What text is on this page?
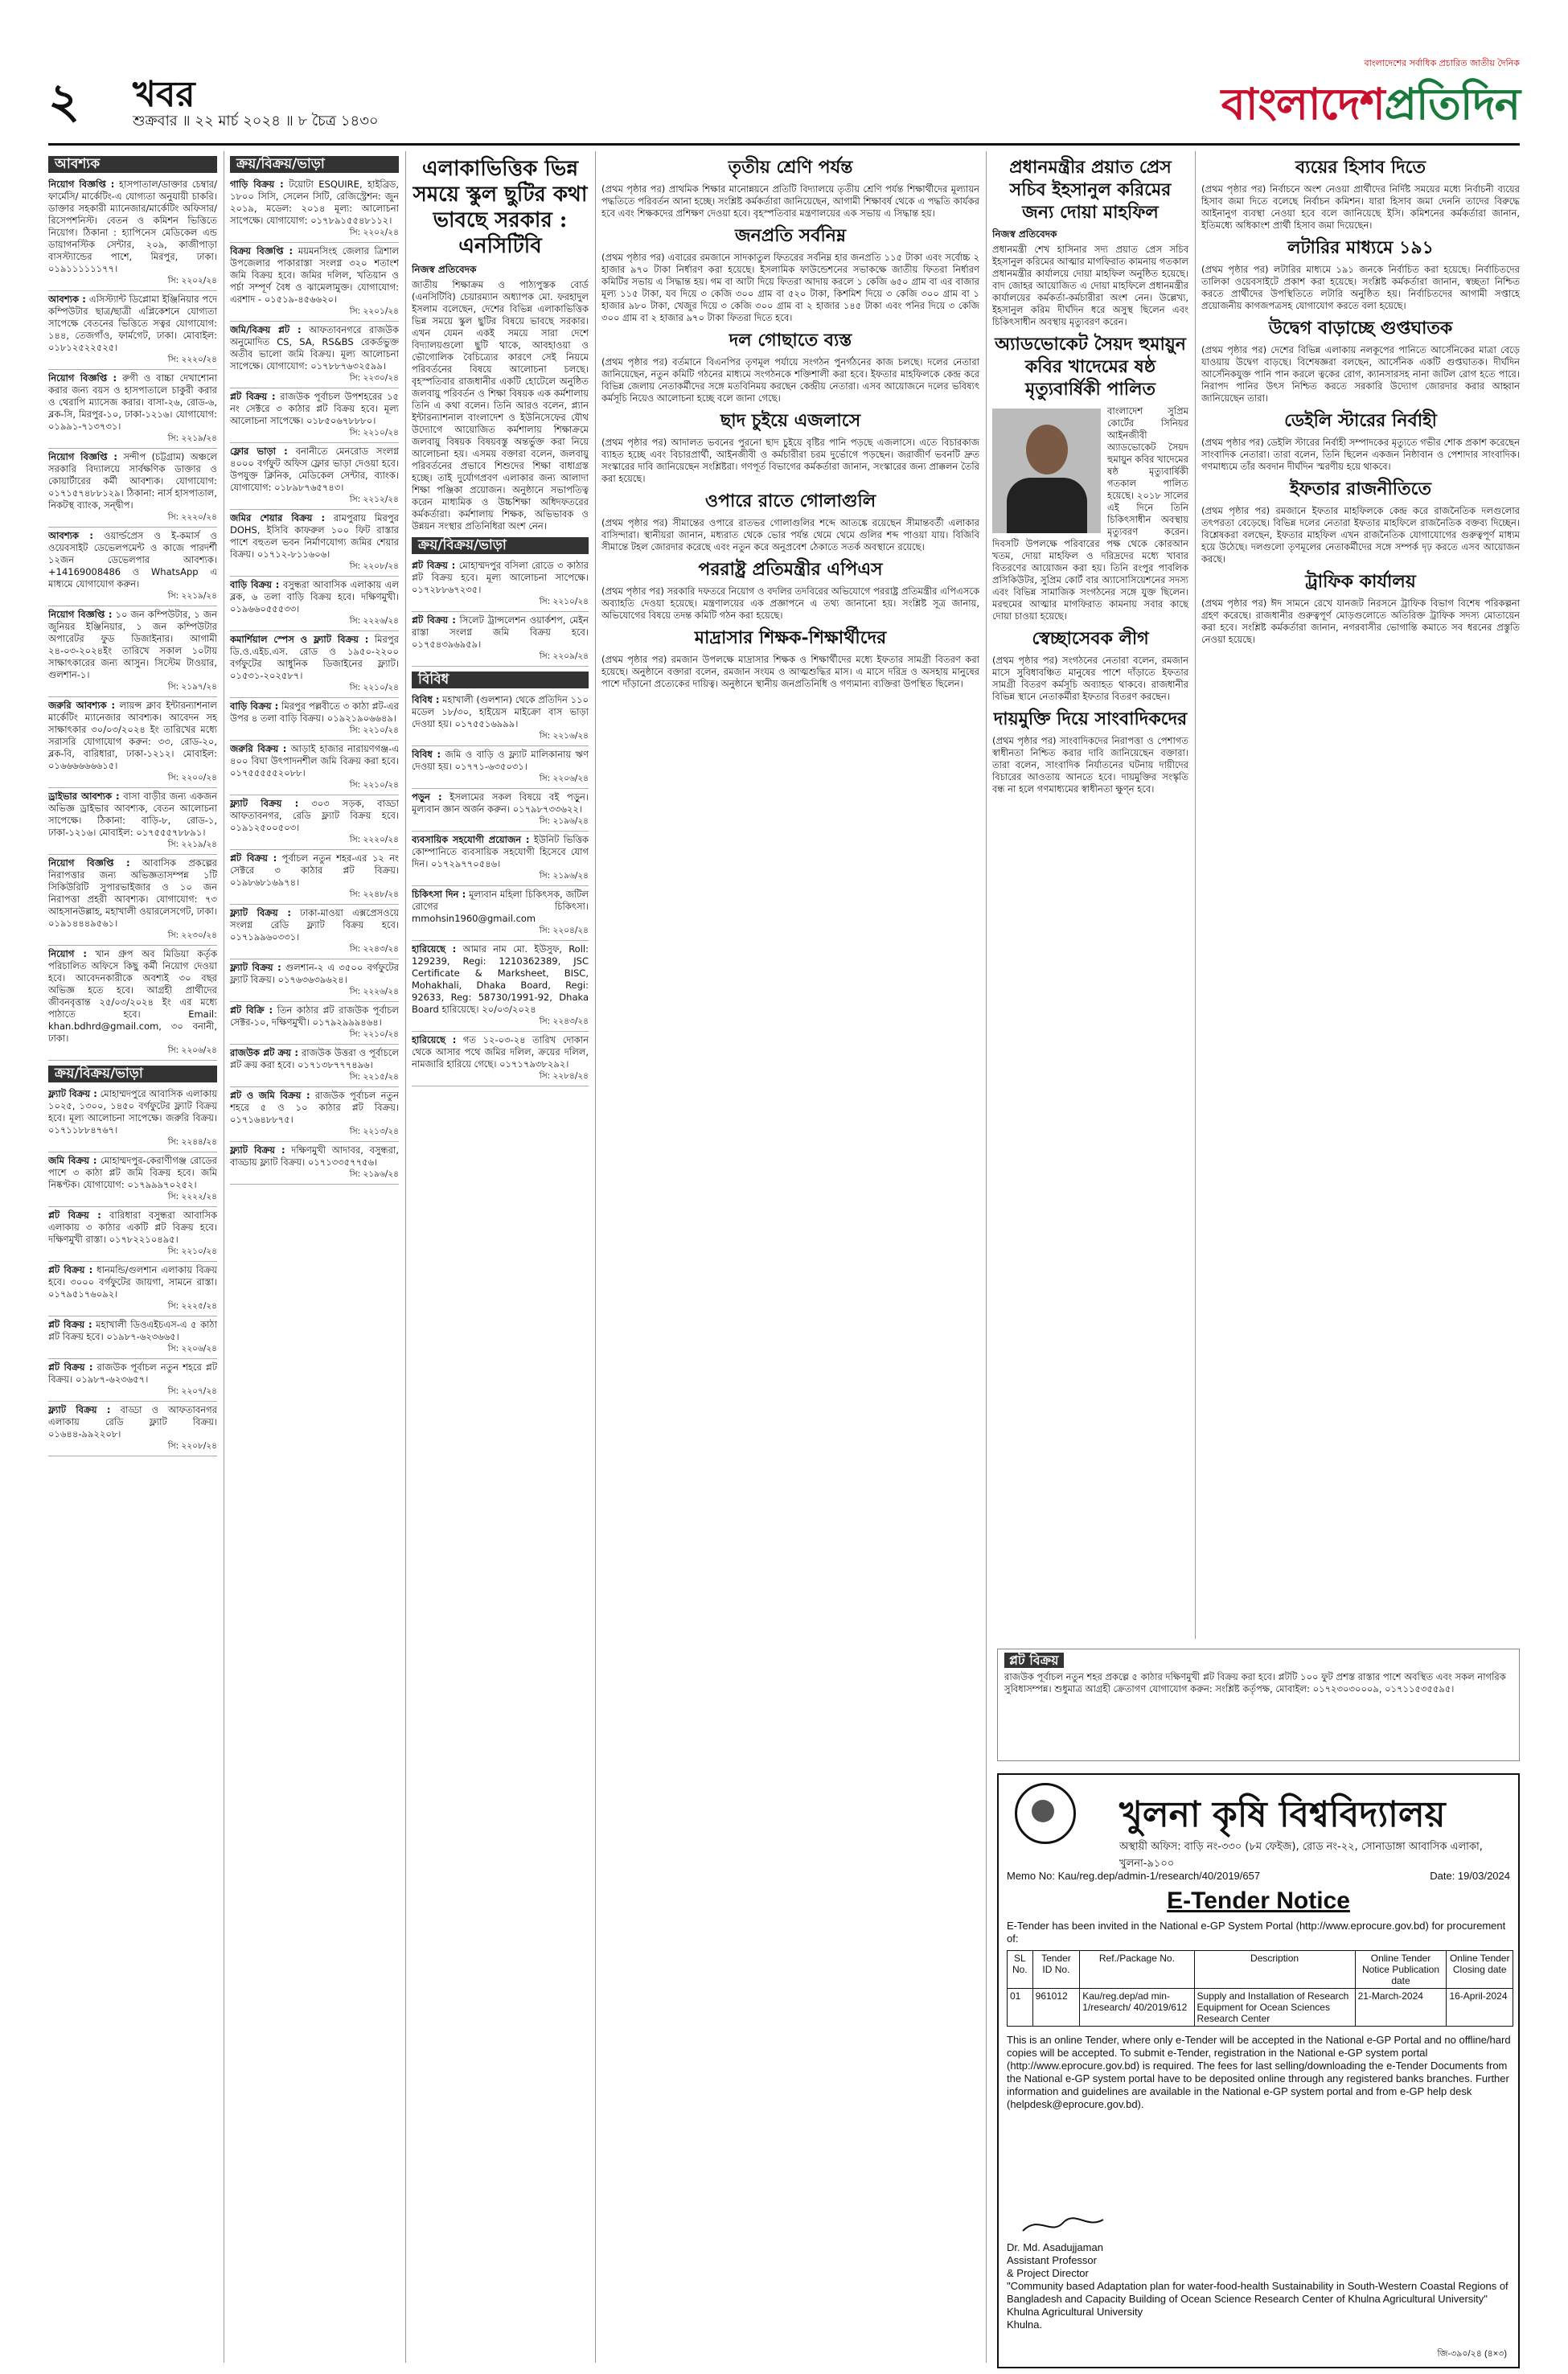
২ খবর
শুক্রবার ॥ ২২ মার্চ ২০২৪ ॥ ৮ চৈত্র ১৪৩০
বাংলাদেশের সর্বাধিক প্রচারিত জাতীয় দৈনিক
বাংলাদেশপ্রতিদিন
আবশ্যক
নিয়োগ বিজ্ঞপ্তি : হাসপাতাল/ডাক্তার চেম্বার/ফার্মেসি/ মার্কেটিং-এ যোগ্যতা অনুযায়ী চাকরি। ডাক্তার সহকারী ম্যানেজার/মার্কেটিং অফিসার/রিসেপশনিস্ট। বেতন ও কমিশন ভিত্তিতে নিয়োগ। ঠিকানা : হ্যাপিনেস মেডিকেল এন্ড ডায়াগনস্টিক সেন্টার, ২০৯, কাজীপাড়া বাসস্ট্যান্ডের পাশে, মিরপুর, ঢাকা। ০১৯১১১১১১৭৭।
সি: ২২০২/২৪
আবশ্যক : এসিস্ট্যান্ট ডিপ্লোমা ইঞ্জিনিয়ার পদে কম্পিউটার ছাত্র/ছাত্রী এপ্লিকেশনে যোগ্যতা সাপেক্ষে বেতনের ভিত্তিতে সত্বর যোগাযোগ: ১৪৪, তেজগাঁও, ফার্মগেট, ঢাকা। মোবাইল: ০১৮১২৫২২৫২৫।
সি: ২২২০/২৪
নিয়োগ বিজ্ঞপ্তি : রুগী ও বাচ্চা দেখাশোনা করার জন্য বয়স ও হাসপাতালে চাকুরী করার ও থেরাপি ম্যাসেজ করার। বাসা-২৬, রোড-৬, ব্লক-সি, মিরপুর-১০, ঢাকা-১২১৬। যোগাযোগ: ০১৯৯১-৭১৩৭৩১।
সি: ২২১৯/২৪
নিয়োগ বিজ্ঞপ্তি : সন্দীপ (চট্টগ্রাম) অঞ্চলে সরকারি বিদ্যালয়ে সার্বক্ষণিক ডাক্তার ও কোয়ার্টারের কর্মী আবশ্যক। যোগাযোগ: ০১৭১৫৭৪৮৮১২৯। ঠিকানা: নার্স হাসপাতাল, নিকটস্থ ব্যাংক, সন্দ্বীপ।
সি: ২২২০/২৪
আবশ্যক : ওয়ার্ল্ডপ্রেস ও ই-কমার্স ও ওয়েবসাইট ডেভেলপমেন্ট ও কাজে পারদর্শী ১২জন ডেভেলপার আবশ্যক। +14169008486 ও WhatsApp এ মাধ্যমে যোগাযোগ করুন।
সি: ২২১৯/২৪
নিয়োগ বিজ্ঞপ্তি : ১০ জন কম্পিউটার, ১ জন জুনিয়র ইঞ্জিনিয়ার, ১ জন কম্পিউটার অপারেটর ফুড ডিজাইনার। আগামী ২৪-০৩-২০২৪ইং তারিখে সকাল ১০টায় সাক্ষাৎকারের জন্য আসুন। সিস্টেম টাওয়ার, গুলশান-১।
সি: ২১৯৭/২৪
জরুরি আবশ্যক : লায়ন্স ক্লাব ইন্টারন্যাশনাল মার্কেটিং ম্যানেজার আবশ্যক। আবেদন সহ সাক্ষাৎকার ৩০/০৩/২০২৪ ইং তারিখের মধ্যে সরাসরি যোগাযোগ করুন: ৩৩, রোড-২০, ব্লক-বি, বারিধারা, ঢাকা-১২১২। মোবাইল: ০১৬৬৬৬৬৬৬১৫।
সি: ২২০০/২৪
ড্রাইভার আবশ্যক : বাসা বাড়ীর জন্য একজন অভিজ্ঞ ড্রাইভার আবশ্যক, বেতন আলোচনা সাপেক্ষে। ঠিকানা: বাড়ি-৮, রোড-১, ঢাকা-১২১৬। মোবাইল: ০১৭৫৫৫৭৮৮৯১।
সি: ২২১৯/২৪
নিয়োগ বিজ্ঞপ্তি : আবাসিক প্রকল্পের নিরাপত্তার জন্য অভিজ্ঞতাসম্পন্ন ১টি সিকিউরিটি সুপারভাইজার ও ১০ জন নিরাপত্তা প্রহরী আবশ্যক। যোগাযোগ: ৭৩ আহসানউল্লাহ, মহাখালী ওয়ারলেসগেট, ঢাকা। ০১৯১৪৪৪৯৫৬১।
সি: ২২৩০/২৪
নিয়োগ : খান গ্রুপ অব মিডিয়া কর্তৃক পরিচালিত অফিসে কিছু কর্মী নিয়োগ দেওয়া হবে। আবেদনকারীকে অবশ্যই ৩০ বছর অভিজ্ঞ হতে হবে। আগ্রহী প্রার্থীদের জীবনবৃত্তান্ত ২৫/০৩/২০২৪ ইং এর মধ্যে পাঠাতে হবে। Email: khan.bdhrd@gmail.com, ৩০ বনানী, ঢাকা।
সি: ২২০৬/২৪
ক্রয়/বিক্রয়/ভাড়া
ফ্ল্যাট বিক্রয় : মোহাম্মদপুরে আবাসিক এলাকায় ১০২৫, ১৩০০, ১৪৫০ বর্গফুটের ফ্ল্যাট বিক্রয় হবে। মূল্য আলোচনা সাপেক্ষে। জরুরি বিক্রয়। ০১৭১১৮৮৪৭৬৭।
সি: ২২৪৪/২৪
জমি বিক্রয় : মোহাম্মদপুর-কেরাণীগঞ্জ রোডের পাশে ৩ কাঠা প্লট জমি বিক্রয় হবে। জমি নিষ্কণ্টক। যোগাযোগ: ০১৭৯৯৯৭০২৫২।
সি: ২২২২/২৪
প্লট বিক্রয় : বারিধারা বসুন্ধরা আবাসিক এলাকায় ৩ কাঠার একটি প্লট বিক্রয় হবে। দক্ষিণমুখী রাস্তা। ০১৭৮২২১০৪৯৫।
সি: ২২১০/২৪
প্লট বিক্রয় : ধানমন্ডি/গুলশান এলাকায় বিক্রয় হবে। ৩০০০ বর্গফুটের জায়গা, সামনে রাস্তা। ০১৭৯৫১৭৬০৯২।
সি: ২২২৫/২৪
প্লট বিক্রয় : মহাখালী ডিওএইচএস-এ ৫ কাঠা প্লট বিক্রয় হবে। ০১৯৮৭-৬২৩৬৬৫।
সি: ২২০৬/২৪
প্লট বিক্রয় : রাজউক পূর্বাচল নতুন শহরে প্লট বিক্রয়। ০১৯৮৭-৬২৩৬৫৭।
সি: ২২০৭/২৪
ফ্ল্যাট বিক্রয় : বাড্ডা ও আফতাবনগর এলাকায় রেডি ফ্ল্যাট বিক্রয়। ০১৬৪৪-৯৯২২০৮।
সি: ২২০৮/২৪
ক্রয়/বিক্রয়/ভাড়া
গাড়ি বিক্রয় : টয়োটা ESQUIRE, হাইব্রিড, ১৮০০ সিসি, সেলেন সিটি, রেজিস্ট্রেশন: জুন ২০১৯, মডেল: ২০১৪ মূল্য: আলোচনা সাপেক্ষে। যোগাযোগ: ০১৭৮৯১৫৫৪৮১১২।
সি: ২২০২/২৪
বিক্রয় বিজ্ঞপ্তি : ময়মনসিংহ জেলার ত্রিশাল উপজেলার পাকারাস্তা সংলগ্ন ৩২০ শতাংশ জমি বিক্রয় হবে। জমির দলিল, খতিয়ান ও পর্চা সম্পূর্ণ বৈধ ও ঝামেলামুক্ত। যোগাযোগ: এরশাদ - ০১৫১৯-৪৫৬৬২০।
সি: ২২০১/২৪
জমি/বিক্রয় প্লট : আফতাবনগরে রাজউক অনুমোদিত CS, SA, RS&BS রেকর্ডভুক্ত অতীব ভালো জমি বিক্রয়। মূল্য আলোচনা সাপেক্ষে। যোগাযোগ: ০১৭৮৮৭৬৩২৫৯৯।
সি: ২২৩০/২৪
প্লট বিক্রয় : রাজউক পূর্বাচল উপশহরের ১৫ নং সেক্টরে ৩ কাঠার প্লট বিক্রয় হবে। মূল্য আলোচনা সাপেক্ষে। ০১৮৫০৬৭৮৮৮০।
সি: ২২১০/২৪
ফ্লোর ভাড়া : বনানীতে মেনরোড সংলগ্ন ৪০০০ বর্গফুট অফিস ফ্লোর ভাড়া দেওয়া হবে। উপযুক্ত ক্লিনিক, মেডিকেল সেন্টার, ব্যাংক। যোগাযোগ: ০১৮৯৮৭৬৫৭৪৩।
সি: ২২১২/২৪
জমির শেয়ার বিক্রয় : রামপুরায় মিরপুর DOHS, ইসিবি কাফরুল ১০০ ফিট রাস্তার পাশে বহুতল ভবন নির্মাণযোগ্য জমির শেয়ার বিক্রয়। ০১৭১২-৮১১৬০৬।
সি: ২২০৮/২৪
বাড়ি বিক্রয় : বসুন্ধরা আবাসিক এলাকায় এল ব্লক, ৬ তলা বাড়ি বিক্রয় হবে। দক্ষিণমুখী। ০১৯৬৬০৫৫৫৩৩।
সি: ২২২৬/২৪
কমার্শিয়াল স্পেস ও ফ্ল্যাট বিক্রয় : মিরপুর ডি.ও.এইচ.এস. রোড ও ১৯৫০-২২০০ বর্গফুটের আধুনিক ডিজাইনের ফ্ল্যাট। ০১৫৩১-২০২৫৮৭।
সি: ২২১০/২৪
বাড়ি বিক্রয় : মিরপুর পল্লবীতে ৩ কাঠা প্লট-এর উপর ৪ তলা বাড়ি বিক্রয়। ০১৯২১৯০৬৬৪৯।
সি: ২২১০/২৪
জরুরি বিক্রয় : আড়াই হাজার নারায়ণগঞ্জ-এ ৪০০ বিঘা উৎপাদনশীল জমি বিক্রয় করা হবে। ০১৭৫৫৫৫৫২০৮৮।
সি: ২২১০/২৪
ফ্ল্যাট বিক্রয় : ৩০৩ সড়ক, বাড্ডা আফতাবনগর, রেডি ফ্ল্যাট বিক্রয় হবে। ০১৯১২৫০০৫০৩।
সি: ২২২০/২৪
প্লট বিক্রয় : পূর্বাচল নতুন শহর-এর ১২ নং সেক্টরে ৩ কাঠার প্লট বিক্রয়। ০১৯৮৬৮১৬৯৭৪।
সি: ২২৪৮/২৪
ফ্ল্যাট বিক্রয় : ঢাকা-মাওয়া এক্সপ্রেসওয়ে সংলগ্ন রেডি ফ্ল্যাট বিক্রয় হবে। ০১৭১৯৯৬০৩৩১।
সি: ২২৪৩/২৪
ফ্ল্যাট বিক্রয় : গুলশান-২ এ ৩৫০০ বর্গফুটের ফ্ল্যাট বিক্রয়। ০১৭৬৩৬৩৯৬২৪।
সি: ২২২৬/২৪
প্লট বিক্রি : তিন কাঠার প্লট রাজউক পূর্বাচল সেক্টর-১০, দক্ষিণমুখী। ০১৭৯২৯৯৯৪৬৪।
সি: ২২১০/২৪
রাজউক প্লট ক্রয় : রাজউক উত্তরা ও পূর্বাচলে প্লট ক্রয় করা হবে। ০১৭১৩৮৭৭৭৪৯৬।
সি: ২২১৫/২৪
প্লট ও জমি বিক্রয় : রাজউক পূর্বাচল নতুন শহরে ৫ ও ১০ কাঠার প্লট বিক্রয়। ০১৭১৬৪৮৮৭৫।
সি: ২২১৩/২৪
ফ্ল্যাট বিক্রয় : দক্ষিণমুখী আদাবর, বসুন্ধরা, বাড্ডায় ফ্ল্যাট বিক্রয়। ০১৭১৩৩৫৭৭৫৬।
সি: ২১৯৬/২৪
এলাকাভিত্তিক ভিন্ন সময়ে স্কুল ছুটির কথা ভাবছে সরকার : এনসিটিবি
নিজস্ব প্রতিবেদক

জাতীয় শিক্ষাক্রম ও পাঠ্যপুস্তক বোর্ড (এনসিটিবি) চেয়ারম্যান অধ্যাপক মো. ফরহাদুল ইসলাম বলেছেন, দেশের বিভিন্ন এলাকাভিত্তিক ভিন্ন সময়ে স্কুল ছুটির বিষয়ে ভাবছে সরকার। এখন যেমন একই সময়ে সারা দেশে বিদ্যালয়গুলো ছুটি থাকে, আবহাওয়া ও ভৌগোলিক বৈচিত্র্যের কারণে সেই নিয়মে পরিবর্তনের বিষয়ে আলোচনা চলছে। বৃহস্পতিবার রাজধানীর একটি হোটেলে অনুষ্ঠিত জলবায়ু পরিবর্তন ও শিক্ষা বিষয়ক এক কর্মশালায় তিনি এ কথা বলেন। তিনি আরও বলেন, প্ল্যান ইন্টারন্যাশনাল বাংলাদেশ ও ইউনিসেফের যৌথ উদ্যোগে আয়োজিত কর্মশালায় শিক্ষাক্রমে জলবায়ু বিষয়ক বিষয়বস্তু অন্তর্ভুক্ত করা নিয়ে আলোচনা হয়। এসময় বক্তারা বলেন, জলবায়ু পরিবর্তনের প্রভাবে শিশুদের শিক্ষা বাধাগ্রস্ত হচ্ছে। তাই দুর্যোগপ্রবণ এলাকার জন্য আলাদা শিক্ষা পঞ্জিকা প্রয়োজন। অনুষ্ঠানে সভাপতিত্ব করেন মাধ্যমিক ও উচ্চশিক্ষা অধিদফতরের কর্মকর্তারা। কর্মশালায় শিক্ষক, অভিভাবক ও উন্নয়ন সংস্থার প্রতিনিধিরা অংশ নেন।

ক্রয়/বিক্রয়/ভাড়া
প্লট বিক্রয় : মোহাম্মদপুর বসিলা রোডে ৩ কাঠার প্লট বিক্রয় হবে। মূল্য আলোচনা সাপেক্ষে। ০১৭২৮৮৬৭২৩৫।
সি: ২২১০/২৪
প্লট বিক্রয় : সিলেট ট্রান্সলেশন ওয়ার্কশপ, মেইন রাস্তা সংলগ্ন জমি বিক্রয় হবে। ০১৭৫৪৩৯৬৯৫৯।
সি: ২২০৯/২৪
বিবিধ
বিবিধ : মহাখালী (গুলশান) থেকে প্রতিদিন ১১০ মডেল ১৮/৩০, হাইয়েস মাইক্রো বাস ভাড়া দেওয়া হয়। ০১৭৫৫১৬৯৯৯।
সি: ২২১৬/২৪
বিবিধ : জমি ও বাড়ি ও ফ্ল্যাট মালিকানায় ঋণ দেওয়া হয়। ০১৭৭১-৬৩৫০৩১।
সি: ২২০৬/২৪
পড়ুন : ইসলামের সকল বিষয়ে বই পড়ুন। মূল্যবান জ্ঞান অর্জন করুন। ০১৭৯৮৭৩৩৬২২।
সি: ২১৯৬/২৪
ব্যবসায়িক সহযোগী প্রয়োজন : ইউনিট ভিত্তিক কোম্পানিতে ব্যবসায়িক সহযোগী হিসেবে যোগ দিন। ০১৭২৯৭৭০৫৪৬।
সি: ২১৯৬/২৪
চিকিৎসা দিন : মূল্যবান মহিলা চিকিৎসক, জটিল রোগের চিকিৎসা। mmohsin1960@gmail.com
সি: ২২০৪/২৪
হারিয়েছে : আমার নাম মো. ইউসুফ, Roll: 129239, Regi: 1210362389, JSC Certificate & Marksheet, BISC, Mohakhali, Dhaka Board, Regi: 92633, Reg: 58730/1991-92, Dhaka Board হারিয়েছে। ২০/০৩/২০২৪
সি: ২২৪৩/২৪
হারিয়েছে : গত ১২-০৩-২৪ তারিখ দোকান থেকে আসার পথে জমির দলিল, ক্রয়ের দলিল, নামজারি হারিয়ে গেছে। ০১৭১৭৯৩৮২৯২।
সি: ২২৮৪/২৪
তৃতীয় শ্রেণি পর্যন্ত

(প্রথম পৃষ্ঠার পর) প্রাথমিক শিক্ষার মানোন্নয়নে প্রতিটি বিদ্যালয়ে তৃতীয় শ্রেণি পর্যন্ত শিক্ষার্থীদের মূল্যায়ন পদ্ধতিতে পরিবর্তন আনা হচ্ছে। সংশ্লিষ্ট কর্মকর্তারা জানিয়েছেন, আগামী শিক্ষাবর্ষ থেকে এ পদ্ধতি কার্যকর হবে এবং শিক্ষকদের প্রশিক্ষণ দেওয়া হবে। বৃহস্পতিবার মন্ত্রণালয়ের এক সভায় এ সিদ্ধান্ত হয়।

জনপ্রতি সর্বনিম্ন

(প্রথম পৃষ্ঠার পর) এবারের রমজানে সাদকাতুল ফিতরের সর্বনিম্ন হার জনপ্রতি ১১৫ টাকা এবং সর্বোচ্চ ২ হাজার ৯৭০ টাকা নির্ধারণ করা হয়েছে। ইসলামিক ফাউন্ডেশনের সভাকক্ষে জাতীয় ফিতরা নির্ধারণ কমিটির সভায় এ সিদ্ধান্ত হয়। গম বা আটা দিয়ে ফিতরা আদায় করলে ১ কেজি ৬৫০ গ্রাম বা এর বাজার মূল্য ১১৫ টাকা, যব দিয়ে ৩ কেজি ৩০০ গ্রাম বা ৫২০ টাকা, কিশমিশ দিয়ে ৩ কেজি ৩০০ গ্রাম বা ১ হাজার ৯৮০ টাকা, খেজুর দিয়ে ৩ কেজি ৩০০ গ্রাম বা ২ হাজার ১৪৫ টাকা এবং পনির দিয়ে ৩ কেজি ৩০০ গ্রাম বা ২ হাজার ৯৭০ টাকা ফিতরা দিতে হবে।

দল গোছাতে ব্যস্ত

(প্রথম পৃষ্ঠার পর) বর্তমানে বিএনপির তৃণমূল পর্যায়ে সংগঠন পুনর্গঠনের কাজ চলছে। দলের নেতারা জানিয়েছেন, নতুন কমিটি গঠনের মাধ্যমে সংগঠনকে শক্তিশালী করা হবে। ইফতার মাহফিলকে কেন্দ্র করে বিভিন্ন জেলায় নেতাকর্মীদের সঙ্গে মতবিনিময় করছেন কেন্দ্রীয় নেতারা। এসব আয়োজনে দলের ভবিষ্যৎ কর্মসূচি নিয়েও আলোচনা হচ্ছে বলে জানা গেছে।

ছাদ চুইয়ে এজলাসে

(প্রথম পৃষ্ঠার পর) আদালত ভবনের পুরনো ছাদ চুইয়ে বৃষ্টির পানি পড়ছে এজলাসে। এতে বিচারকাজ ব্যাহত হচ্ছে এবং বিচারপ্রার্থী, আইনজীবী ও কর্মচারীরা চরম দুর্ভোগে পড়ছেন। জরাজীর্ণ ভবনটি দ্রুত সংস্কারের দাবি জানিয়েছেন সংশ্লিষ্টরা। গণপূর্ত বিভাগের কর্মকর্তারা জানান, সংস্কারের জন্য প্রাক্কলন তৈরি করা হয়েছে।

ওপারে রাতে গোলাগুলি

(প্রথম পৃষ্ঠার পর) সীমান্তের ওপারে রাতভর গোলাগুলির শব্দে আতঙ্কে রয়েছেন সীমান্তবর্তী এলাকার বাসিন্দারা। স্থানীয়রা জানান, মধ্যরাত থেকে ভোর পর্যন্ত থেমে থেমে গুলির শব্দ পাওয়া যায়। বিজিবি সীমান্তে টহল জোরদার করেছে এবং নতুন করে অনুপ্রবেশ ঠেকাতে সতর্ক অবস্থানে রয়েছে।

পররাষ্ট্র প্রতিমন্ত্রীর এপিএস

(প্রথম পৃষ্ঠার পর) সরকারি দফতরে নিয়োগ ও বদলির তদবিরের অভিযোগে পররাষ্ট্র প্রতিমন্ত্রীর এপিএসকে অব্যাহতি দেওয়া হয়েছে। মন্ত্রণালয়ের এক প্রজ্ঞাপনে এ তথ্য জানানো হয়। সংশ্লিষ্ট সূত্র জানায়, অভিযোগের বিষয়ে তদন্ত কমিটি গঠন করা হয়েছে।

মাদ্রাসার শিক্ষক-শিক্ষার্থীদের

(প্রথম পৃষ্ঠার পর) রমজান উপলক্ষে মাদ্রাসার শিক্ষক ও শিক্ষার্থীদের মধ্যে ইফতার সামগ্রী বিতরণ করা হয়েছে। অনুষ্ঠানে বক্তারা বলেন, রমজান সংযম ও আত্মশুদ্ধির মাস। এ মাসে দরিদ্র ও অসহায় মানুষের পাশে দাঁড়ানো প্রত্যেকের দায়িত্ব। অনুষ্ঠানে স্থানীয় জনপ্রতিনিধি ও গণ্যমান্য ব্যক্তিরা উপস্থিত ছিলেন।

প্রধানমন্ত্রীর প্রয়াত প্রেস সচিব ইহসানুল করিমের জন্য দোয়া মাহফিল
নিজস্ব প্রতিবেদক

প্রধানমন্ত্রী শেখ হাসিনার সদ্য প্রয়াত প্রেস সচিব ইহসানুল করিমের আত্মার মাগফিরাত কামনায় গতকাল প্রধানমন্ত্রীর কার্যালয়ে দোয়া মাহফিল অনুষ্ঠিত হয়েছে। বাদ জোহর আয়োজিত এ দোয়া মাহফিলে প্রধানমন্ত্রীর কার্যালয়ের কর্মকর্তা-কর্মচারীরা অংশ নেন। উল্লেখ্য, ইহসানুল করিম দীর্ঘদিন ধরে অসুস্থ ছিলেন এবং চিকিৎসাধীন অবস্থায় মৃত্যুবরণ করেন।

অ্যাডভোকেট সৈয়দ হুমায়ুন কবির খাদেমের ষষ্ঠ মৃত্যুবার্ষিকী পালিত

বাংলাদেশ সুপ্রিম কোর্টের সিনিয়র আইনজীবী অ্যাডভোকেট সৈয়দ হুমায়ুন কবির খাদেমের ষষ্ঠ মৃত্যুবার্ষিকী গতকাল পালিত হয়েছে। ২০১৮ সালের এই দিনে তিনি চিকিৎসাধীন অবস্থায় মৃত্যুবরণ করেন। দিবসটি উপলক্ষে পরিবারের পক্ষ থেকে কোরআন খতম, দোয়া মাহফিল ও দরিদ্রদের মধ্যে খাবার বিতরণের আয়োজন করা হয়। তিনি রংপুর পাবলিক প্রসিকিউটর, সুপ্রিম কোর্ট বার অ্যাসোসিয়েশনের সদস্য এবং বিভিন্ন সামাজিক সংগঠনের সঙ্গে যুক্ত ছিলেন। মরহুমের আত্মার মাগফিরাত কামনায় সবার কাছে দোয়া চাওয়া হয়েছে।

স্বেচ্ছাসেবক লীগ

(প্রথম পৃষ্ঠার পর) সংগঠনের নেতারা বলেন, রমজান মাসে সুবিধাবঞ্চিত মানুষের পাশে দাঁড়াতে ইফতার সামগ্রী বিতরণ কর্মসূচি অব্যাহত থাকবে। রাজধানীর বিভিন্ন স্থানে নেতাকর্মীরা ইফতার বিতরণ করছেন।

দায়মুক্তি দিয়ে সাংবাদিকদের

(প্রথম পৃষ্ঠার পর) সাংবাদিকদের নিরাপত্তা ও পেশাগত স্বাধীনতা নিশ্চিত করার দাবি জানিয়েছেন বক্তারা। তারা বলেন, সাংবাদিক নির্যাতনের ঘটনায় দায়ীদের বিচারের আওতায় আনতে হবে। দায়মুক্তির সংস্কৃতি বন্ধ না হলে গণমাধ্যমের স্বাধীনতা ক্ষুণ্ন হবে।

ব্যয়ের হিসাব দিতে

(প্রথম পৃষ্ঠার পর) নির্বাচনে অংশ নেওয়া প্রার্থীদের নির্দিষ্ট সময়ের মধ্যে নির্বাচনী ব্যয়ের হিসাব জমা দিতে বলেছে নির্বাচন কমিশন। যারা হিসাব জমা দেননি তাদের বিরুদ্ধে আইনানুগ ব্যবস্থা নেওয়া হবে বলে জানিয়েছে ইসি। কমিশনের কর্মকর্তারা জানান, ইতিমধ্যে অধিকাংশ প্রার্থী হিসাব জমা দিয়েছেন।

লটারির মাধ্যমে ১৯১

(প্রথম পৃষ্ঠার পর) লটারির মাধ্যমে ১৯১ জনকে নির্বাচিত করা হয়েছে। নির্বাচিতদের তালিকা ওয়েবসাইটে প্রকাশ করা হয়েছে। সংশ্লিষ্ট কর্মকর্তারা জানান, স্বচ্ছতা নিশ্চিত করতে প্রার্থীদের উপস্থিতিতে লটারি অনুষ্ঠিত হয়। নির্বাচিতদের আগামী সপ্তাহে প্রয়োজনীয় কাগজপত্রসহ যোগাযোগ করতে বলা হয়েছে।

উদ্বেগ বাড়াচ্ছে গুপ্তঘাতক

(প্রথম পৃষ্ঠার পর) দেশের বিভিন্ন এলাকায় নলকূপের পানিতে আর্সেনিকের মাত্রা বেড়ে যাওয়ায় উদ্বেগ বাড়ছে। বিশেষজ্ঞরা বলছেন, আর্সেনিক একটি গুপ্তঘাতক। দীর্ঘদিন আর্সেনিকযুক্ত পানি পান করলে ত্বকের রোগ, ক্যানসারসহ নানা জটিল রোগ হতে পারে। নিরাপদ পানির উৎস নিশ্চিত করতে সরকারি উদ্যোগ জোরদার করার আহ্বান জানিয়েছেন তারা।

ডেইলি স্টারের নির্বাহী

(প্রথম পৃষ্ঠার পর) ডেইলি স্টারের নির্বাহী সম্পাদকের মৃত্যুতে গভীর শোক প্রকাশ করেছেন সাংবাদিক নেতারা। তারা বলেন, তিনি ছিলেন একজন নিষ্ঠাবান ও পেশাদার সাংবাদিক। গণমাধ্যমে তাঁর অবদান দীর্ঘদিন স্মরণীয় হয়ে থাকবে।

ইফতার রাজনীতিতে

(প্রথম পৃষ্ঠার পর) রমজানে ইফতার মাহফিলকে কেন্দ্র করে রাজনৈতিক দলগুলোর তৎপরতা বেড়েছে। বিভিন্ন দলের নেতারা ইফতার মাহফিলে রাজনৈতিক বক্তব্য দিচ্ছেন। বিশ্লেষকরা বলছেন, ইফতার মাহফিল এখন রাজনৈতিক যোগাযোগের গুরুত্বপূর্ণ মাধ্যম হয়ে উঠেছে। দলগুলো তৃণমূলের নেতাকর্মীদের সঙ্গে সম্পর্ক দৃঢ় করতে এসব আয়োজন করছে।

ট্রাফিক কার্যালয়

(প্রথম পৃষ্ঠার পর) ঈদ সামনে রেখে যানজট নিরসনে ট্রাফিক বিভাগ বিশেষ পরিকল্পনা গ্রহণ করেছে। রাজধানীর গুরুত্বপূর্ণ মোড়গুলোতে অতিরিক্ত ট্রাফিক সদস্য মোতায়েন করা হবে। সংশ্লিষ্ট কর্মকর্তারা জানান, নগরবাসীর ভোগান্তি কমাতে সব ধরনের প্রস্তুতি নেওয়া হয়েছে।

প্লট বিক্রয়
রাজউক পূর্বাচল নতুন শহর প্রকল্পে ৫ কাঠার দক্ষিণমুখী প্লট বিক্রয় করা হবে। প্লটটি ১০০ ফুট প্রশস্ত রাস্তার পাশে অবস্থিত এবং সকল নাগরিক সুবিধাসম্পন্ন। শুধুমাত্র আগ্রহী ক্রেতাগণ যোগাযোগ করুন: সংশ্লিষ্ট কর্তৃপক্ষ, মোবাইল: ০১৭২৩০৩০০০৯, ০১৭১১৫৩৫৫৯৫।
খুলনা কৃষি বিশ্ববিদ্যালয়
অস্থায়ী অফিস: বাড়ি নং-৩৩০ (৮ম ফেইজ), রোড নং-২২, সোনাডাঙ্গা আবাসিক এলাকা, খুলনা-৯১০০
Memo No: Kau/reg.dep/admin-1/research/40/2019/657	Date: 19/03/2024
E-Tender Notice
E-Tender has been invited in the National e-GP System Portal (http://www.eprocure.gov.bd) for procurement of:
SL No.	Tender ID No.	Ref./Package No.	Description	Online Tender Notice Publication date	Online Tender Closing date
01	961012	Kau/reg.dep/ad min-1/research/ 40/2019/612	Supply and Installation of Research Equipment for Ocean Sciences Research Center	21-March-2024	16-April-2024
This is an online Tender, where only e-Tender will be accepted in the National e-GP Portal and no offline/hard copies will be accepted. To submit e-Tender, registration in the National e-GP system portal (http://www.eprocure.gov.bd) is required. The fees for last selling/downloading the e-Tender Documents from the National e-GP system portal have to be deposited online through any registered banks branches. Further information and guidelines are available in the National e-GP system portal and from e-GP help desk (helpdesk@eprocure.gov.bd).
Dr. Md. Asadujjaman
Assistant Professor
& Project Director
"Community based Adaptation plan for water-food-health Sustainability in South-Western Coastal Regions of Bangladesh and Capacity Building of Ocean Science Research Center of Khulna Agricultural University"
Khulna Agricultural University
Khulna.
জি-৩৯০/২৪ (৪×৩)
